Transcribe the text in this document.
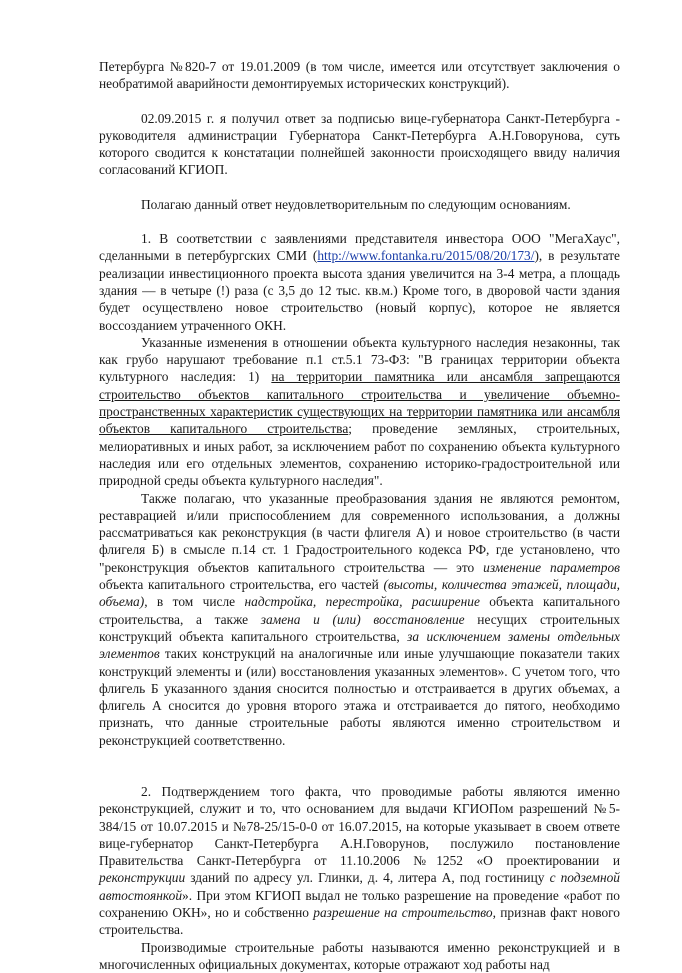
Петербурга №820-7 от 19.01.2009 (в том числе, имеется или отсутствует заключения о необратимой аварийности демонтируемых исторических конструкций).

02.09.2015 г. я получил ответ за подписью вице-губернатора Санкт-Петербурга - руководителя администрации Губернатора Санкт-Петербурга А.Н.Говорунова, суть которого сводится к констатации полнейшей законности происходящего ввиду наличия согласований КГИОП.

Полагаю данный ответ неудовлетворительным по следующим основаниям.

1. В соответствии с заявлениями представителя инвестора ООО "МегаХаус", сделанными в петербургских СМИ (http://www.fontanka.ru/2015/08/20/173/), в результате реализации инвестиционного проекта высота здания увеличится на 3-4 метра, а площадь здания — в четыре (!) раза (с 3,5 до 12 тыс. кв.м.) Кроме того, в дворовой части здания будет осуществлено новое строительство (новый корпус), которое не является воссозданием утраченного ОКН.

Указанные изменения в отношении объекта культурного наследия незаконны, так как грубо нарушают требование п.1 ст.5.1 73-ФЗ: "В границах территории объекта культурного наследия: 1) на территории памятника или ансамбля запрещаются строительство объектов капитального строительства и увеличение объемно-пространственных характеристик существующих на территории памятника или ансамбля объектов капитального строительства; проведение земляных, строительных, мелиоративных и иных работ, за исключением работ по сохранению объекта культурного наследия или его отдельных элементов, сохранению историко-градостроительной или природной среды объекта культурного наследия".

Также полагаю, что указанные преобразования здания не являются ремонтом, реставрацией и/или приспособлением для современного использования, а должны рассматриваться как реконструкция (в части флигеля А) и новое строительство (в части флигеля Б) в смысле п.14 ст. 1 Градостроительного кодекса РФ, где установлено, что "реконструкция объектов капитального строительства — это изменение параметров объекта капитального строительства, его частей (высоты, количества этажей, площади, объема), в том числе надстройка, перестройка, расширение объекта капитального строительства, а также замена и (или) восстановление несущих строительных конструкций объекта капитального строительства, за исключением замены отдельных элементов таких конструкций на аналогичные или иные улучшающие показатели таких конструкций элементы и (или) восстановления указанных элементов». С учетом того, что флигель Б указанного здания сносится полностью и отстраивается в других объемах, а флигель А сносится до уровня второго этажа и отстраивается до пятого, необходимо признать, что данные строительные работы являются именно строительством и реконструкцией соответственно.

2. Подтверждением того факта, что проводимые работы являются именно реконструкцией, служит и то, что основанием для выдачи КГИОПом разрешений №5-384/15 от 10.07.2015 и №78-25/15-0-0 от 16.07.2015, на которые указывает в своем ответе вице-губернатор Санкт-Петербурга А.Н.Говорунов, послужило постановление Правительства Санкт-Петербурга от 11.10.2006 №1252 «О проектировании и реконструкции зданий по адресу ул. Глинки, д. 4, литера А, под гостиницу с подземной автостоянкой». При этом КГИОП выдал не только разрешение на проведение «работ по сохранению ОКН», но и собственно разрешение на строительство, признав факт нового строительства.

Производимые строительные работы называются именно реконструкцией и в многочисленных официальных документах, которые отражают ход работы над
